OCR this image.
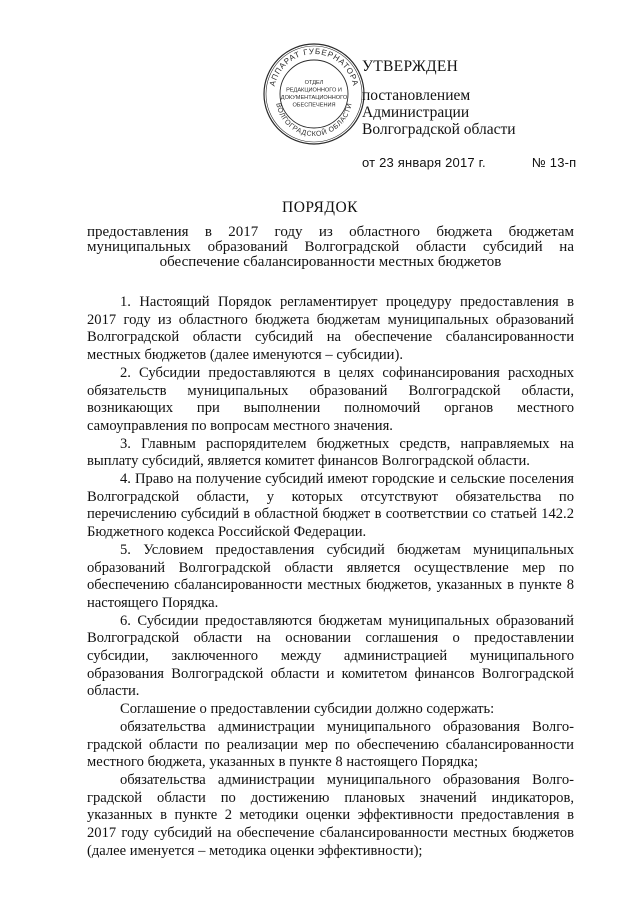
АППАРАТ ГУБЕРНАТОРА
ВОЛГОГРАДСКОЙ ОБЛАСТИ
ОТДЕЛ
РЕДАКЦИОННОГО И
ДОКУМЕНТАЦИОННОГО
ОБЕСПЕЧЕНИЯ
УТВЕРЖДЕН
постановлением
Администрации
Волгоградской области
от 23 января 2017 г.	№ 13-п
ПОРЯДОК
предоставления в 2017 году из областного бюджета бюджетам муниципальных образований Волгоградской области субсидий на обеспечение сбалансированности местных бюджетов

1. Настоящий Порядок регламентирует процедуру предоставления в 2017 году из областного бюджета бюджетам муниципальных образований Волгоградской области субсидий на обеспечение сбалансированности местных бюджетов (далее именуются – субсидии).

2. Субсидии предоставляются в целях софинансирования расходных обязательств муниципальных образований Волгоградской области, возникающих при выполнении полномочий органов местного самоуправления по вопросам местного значения.

3. Главным распорядителем бюджетных средств, направляемых на выплату субсидий, является комитет финансов Волгоградской области.

4. Право на получение субсидий имеют городские и сельские поселения Волгоградской области, у которых отсутствуют обязательства по перечислению субсидий в областной бюджет в соответствии со статьей 142.2 Бюджетного кодекса Российской Федерации.

5. Условием предоставления субсидий бюджетам муниципальных образований Волгоградской области является осуществление мер по обеспечению сбалансированности местных бюджетов, указанных в пункте 8 настоящего Порядка.

6. Субсидии предоставляются бюджетам муниципальных образований Волгоградской области на основании соглашения о предоставлении субсидии, заключенного между администрацией муниципального образования Волгоградской области и комитетом финансов Волгоградской области.

Соглашение о предоставлении субсидии должно содержать:

обязательства администрации муниципального образования Волго-градской области по реализации мер по обеспечению сбалансированности местного бюджета, указанных в пункте 8 настоящего Порядка;

обязательства администрации муниципального образования Волго-градской области по достижению плановых значений индикаторов, указанных в пункте 2 методики оценки эффективности предоставления в 2017 году субсидий на обеспечение сбалансированности местных бюджетов (далее именуется – методика оценки эффективности);
